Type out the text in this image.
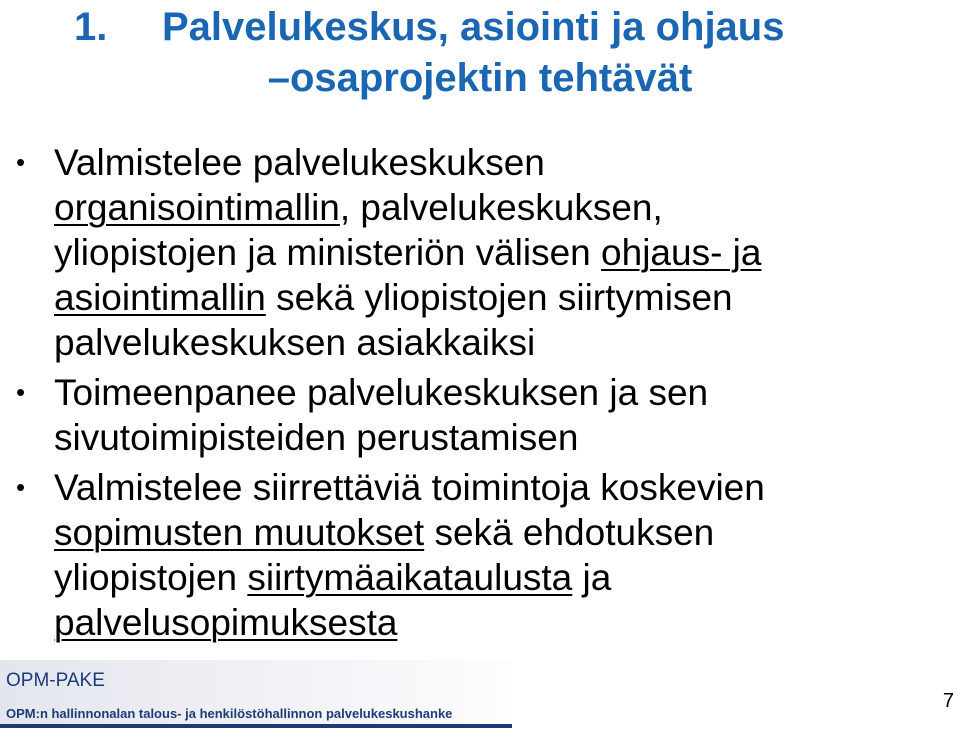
1. Palvelukeskus, asiointi ja ohjaus
–osaprojektin tehtävät
• Valmistelee palvelukeskuksen
organisointimallin, palvelukeskuksen,
yliopistojen ja ministeriön välisen ohjaus- ja
asiointimallin sekä yliopistojen siirtymisen
palvelukeskuksen asiakkaiksi
• Toimeenpanee palvelukeskuksen ja sen
sivutoimipisteiden perustamisen
• Valmistelee siirrettäviä toimintoja koskevien
sopimusten muutokset sekä ehdotuksen
yliopistojen siirtymäaikataulusta ja
palvelusopimuksesta
OPM-PAKE
OPM:n hallinnonalan talous- ja henkilöstöhallinnon palvelukeskushanke
7
